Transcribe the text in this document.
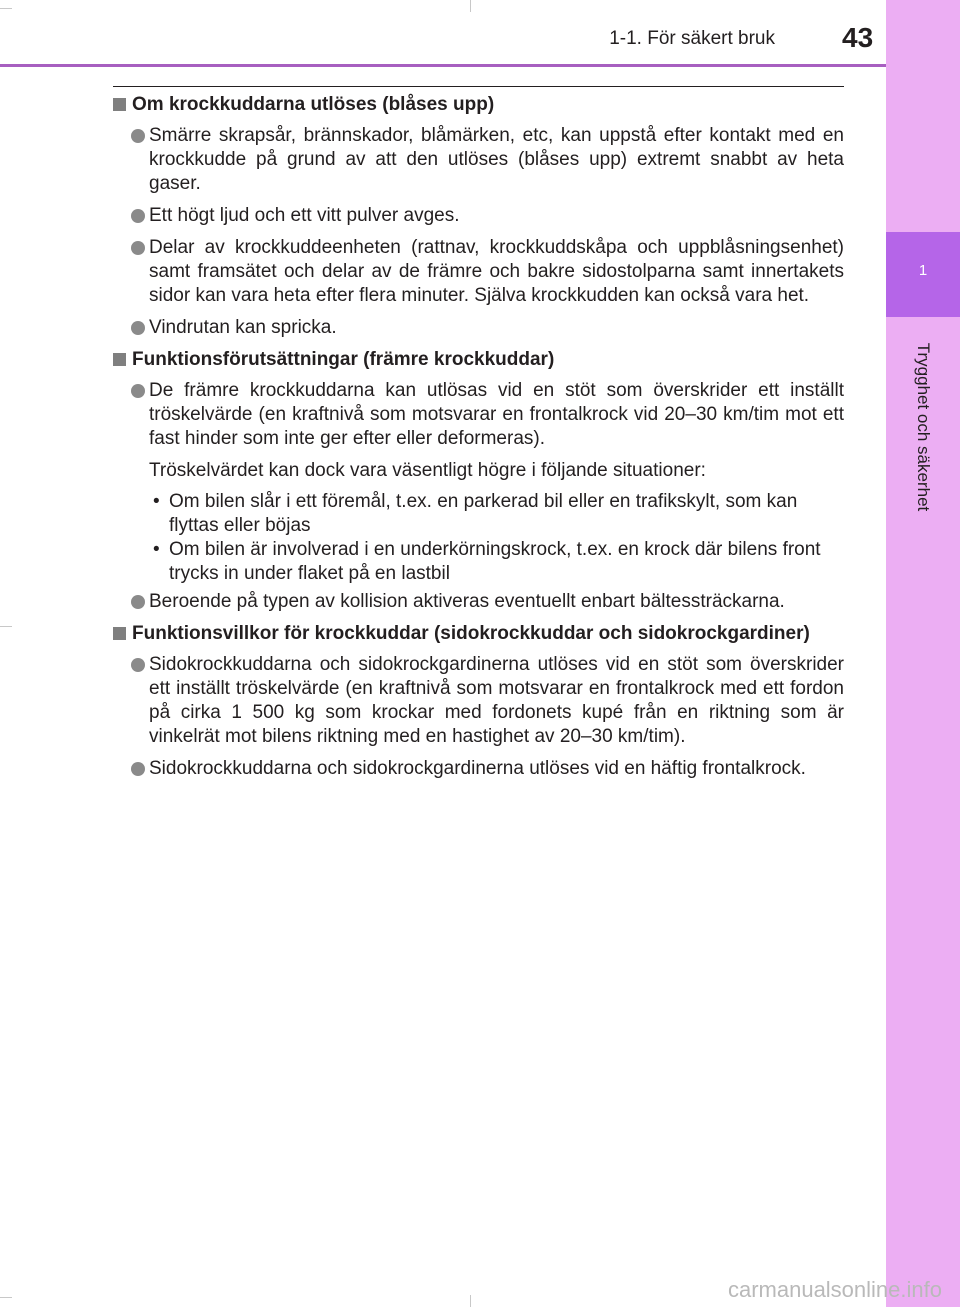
1-1. För säkert bruk 43
1
Trygghet och säkerhet
Om krockkuddarna utlöses (blåses upp)
Smärre skrapsår, brännskador, blåmärken, etc, kan uppstå efter kontakt med en krockkudde på grund av att den utlöses (blåses upp) extremt snabbt av heta gaser.
Ett högt ljud och ett vitt pulver avges.
Delar av krockkuddeenheten (rattnav, krockkuddskåpa och uppblåsningsenhet) samt framsätet och delar av de främre och bakre sidostolparna samt innertakets sidor kan vara heta efter flera minuter. Själva krockkudden kan också vara het.
Vindrutan kan spricka.
Funktionsförutsättningar (främre krockkuddar)
De främre krockkuddarna kan utlösas vid en stöt som överskrider ett inställt tröskelvärde (en kraftnivå som motsvarar en frontalkrock vid 20–30 km/tim mot ett fast hinder som inte ger efter eller deformeras).
Tröskelvärdet kan dock vara väsentligt högre i följande situationer:
• Om bilen slår i ett föremål, t.ex. en parkerad bil eller en trafikskylt, som kan flyttas eller böjas
• Om bilen är involverad i en underkörningskrock, t.ex. en krock där bilens front trycks in under flaket på en lastbil
Beroende på typen av kollision aktiveras eventuellt enbart bältessträckarna.
Funktionsvillkor för krockkuddar (sidokrockkuddar och sidokrockgardiner)
Sidokrockkuddarna och sidokrockgardinerna utlöses vid en stöt som överskrider ett inställt tröskelvärde (en kraftnivå som motsvarar en frontalkrock med ett fordon på cirka 1 500 kg som krockar med fordonets kupé från en riktning som är vinkelrät mot bilens riktning med en hastighet av 20–30 km/tim).
Sidokrockkuddarna och sidokrockgardinerna utlöses vid en häftig frontalkrock.
carmanualsonline.info
